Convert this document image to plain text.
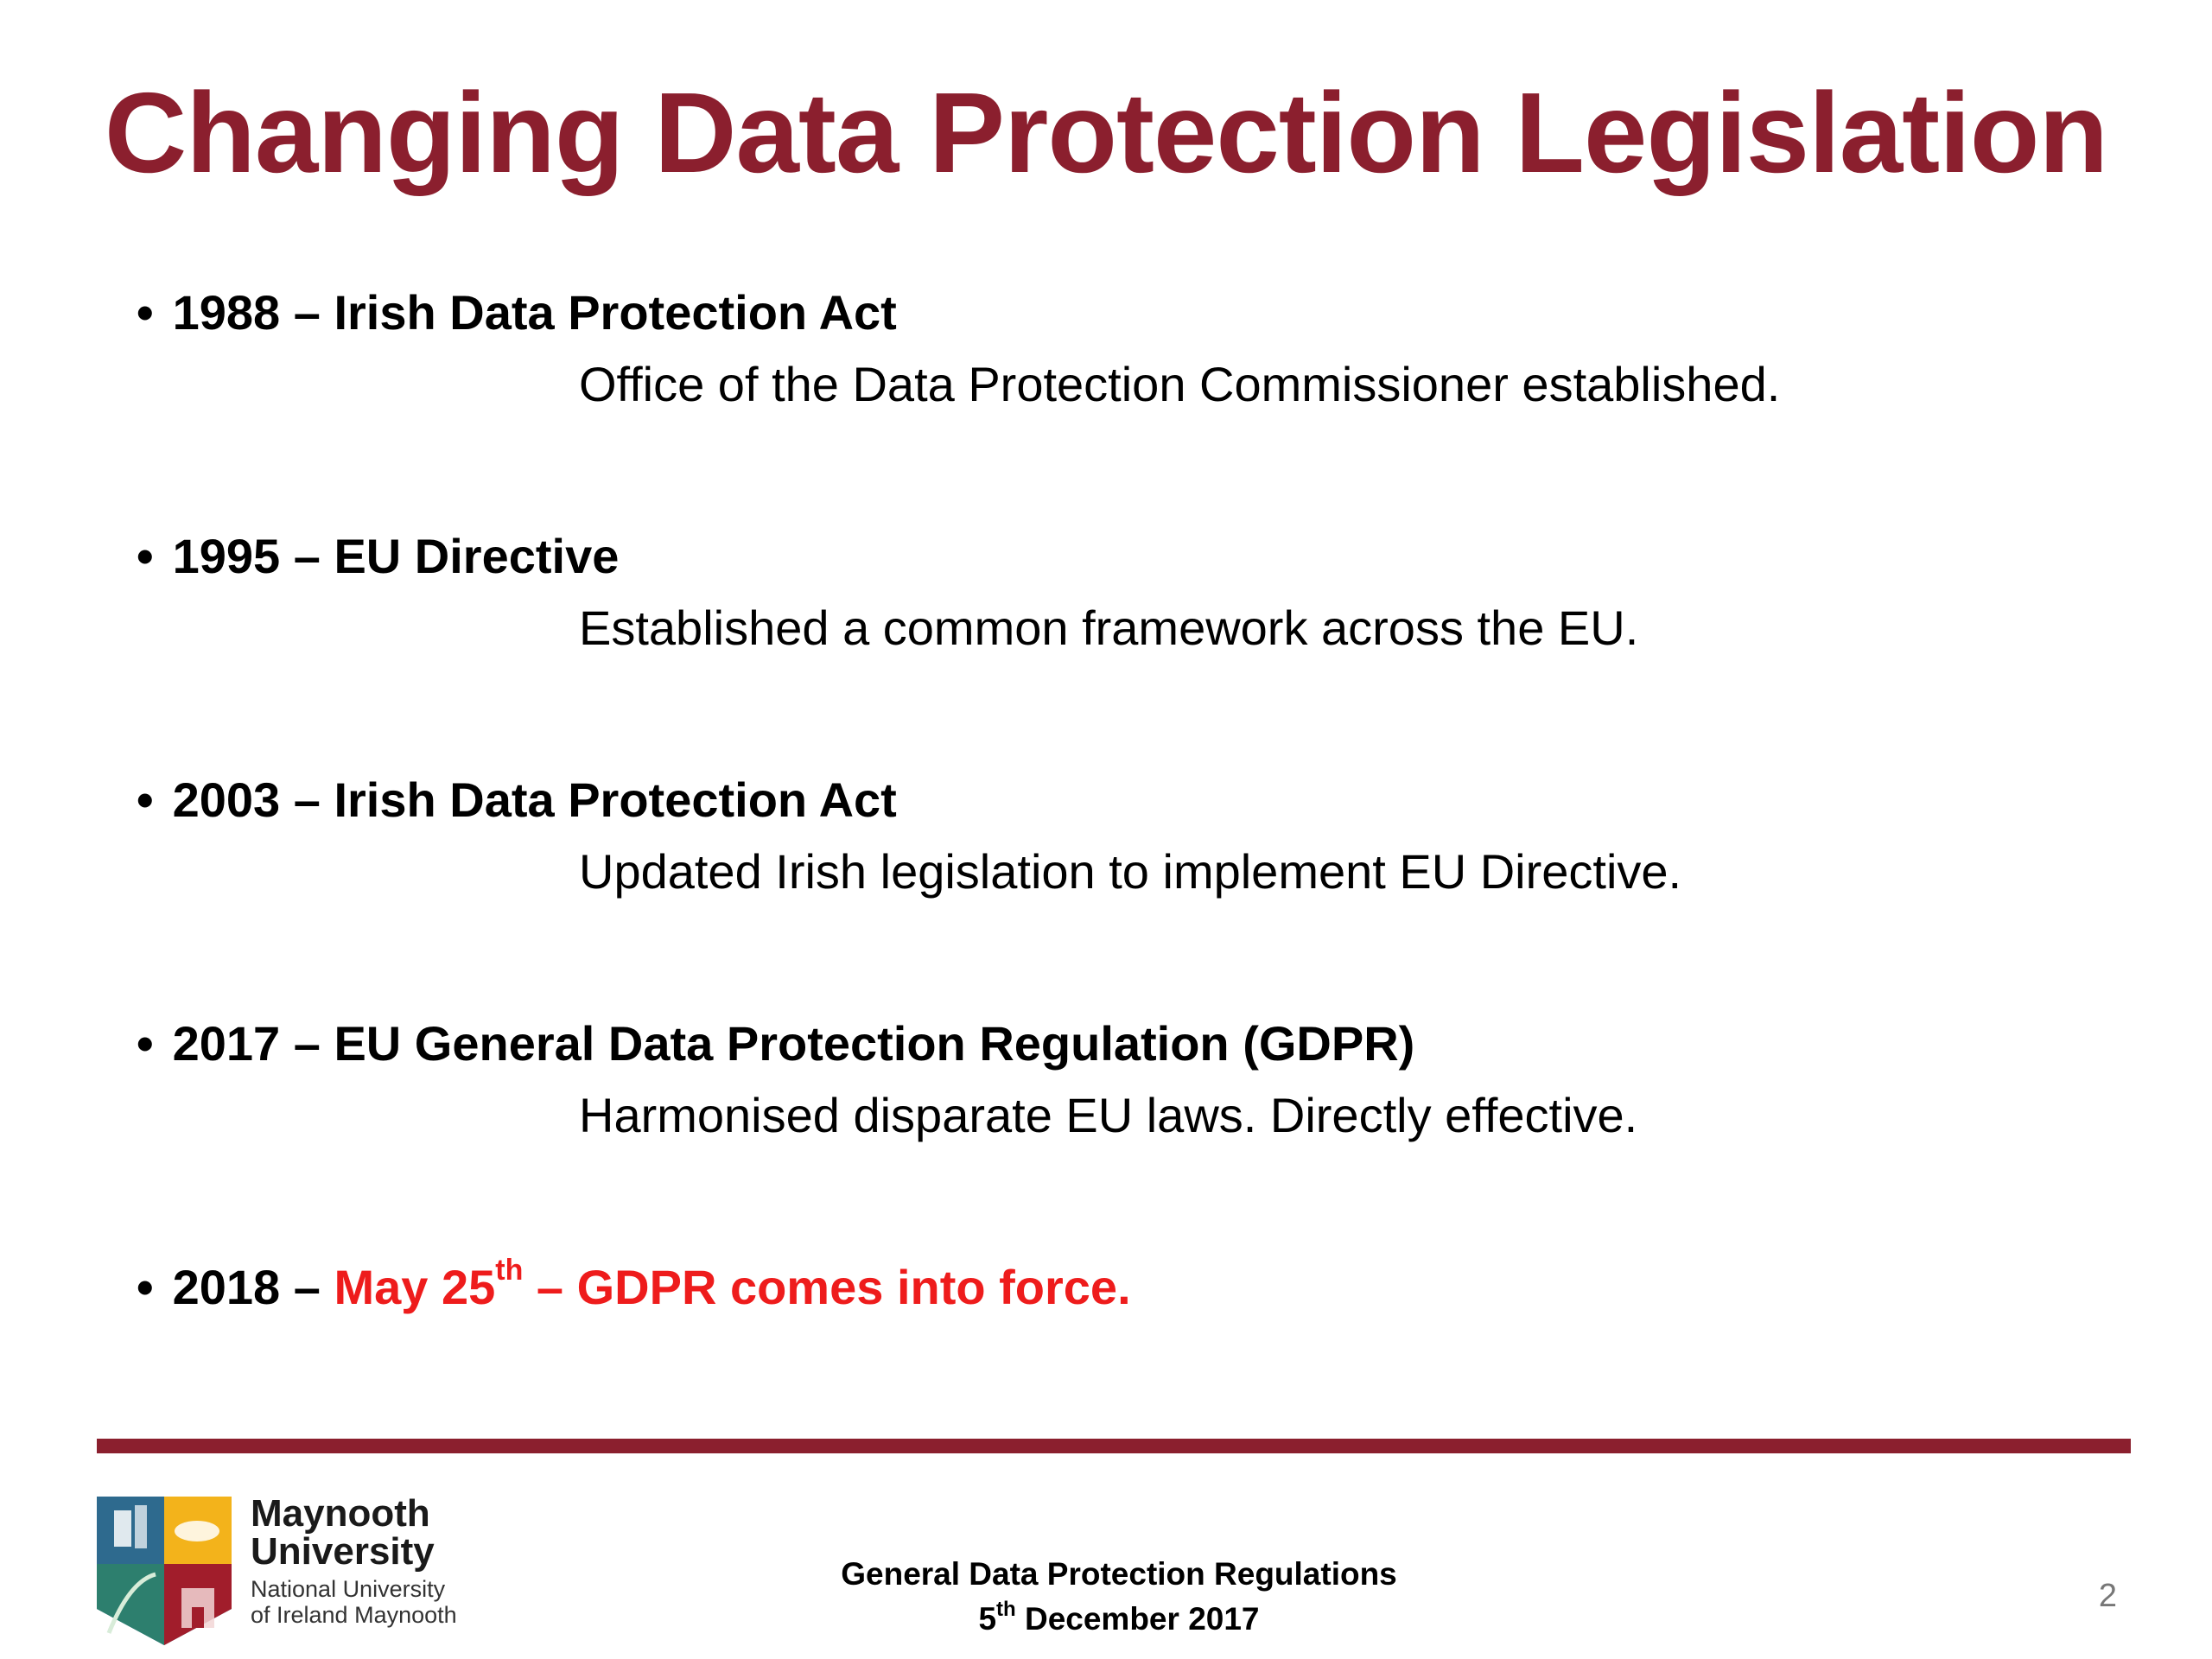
Changing Data Protection Legislation
• 1988 – Irish Data Protection Act
Office of the Data Protection Commissioner established.
• 1995 – EU Directive
Established a common framework across the EU.
• 2003 – Irish Data Protection Act
Updated Irish legislation to implement EU Directive.
• 2017 – EU General Data Protection Regulation (GDPR)
Harmonised disparate EU laws. Directly effective.
• 2018 – May 25th – GDPR comes into force.
Maynooth
University
National University
of Ireland Maynooth
General Data Protection Regulations
5th December 2017
2
